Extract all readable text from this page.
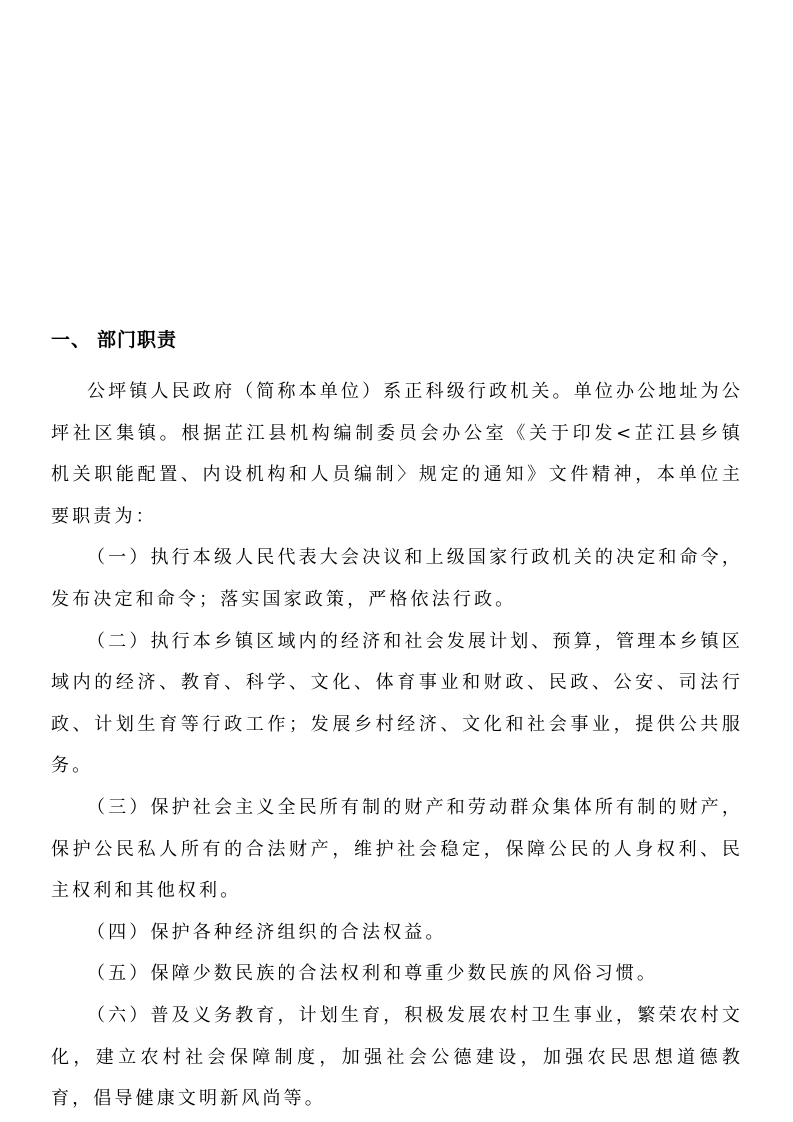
一、 部门职责

公坪镇人民政府（简称本单位）系正科级行政机关。单位办公地址为公坪社区集镇。根据芷江县机构编制委员会办公室《关于印发<芷江县乡镇机关职能配置、内设机构和人员编制〉规定的通知》文件精神，本单位主要职责为：

（一）执行本级人民代表大会决议和上级国家行政机关的决定和命令，发布决定和命令；落实国家政策，严格依法行政。

（二）执行本乡镇区域内的经济和社会发展计划、预算，管理本乡镇区域内的经济、教育、科学、文化、体育事业和财政、民政、公安、司法行政、计划生育等行政工作；发展乡村经济、文化和社会事业，提供公共服务。

（三）保护社会主义全民所有制的财产和劳动群众集体所有制的财产，保护公民私人所有的合法财产，维护社会稳定，保障公民的人身权利、民主权利和其他权利。

（四）保护各种经济组织的合法权益。

（五）保障少数民族的合法权利和尊重少数民族的风俗习惯。

（六）普及义务教育，计划生育，积极发展农村卫生事业，繁荣农村文化，建立农村社会保障制度，加强社会公德建设，加强农民思想道德教育，倡导健康文明新风尚等。
